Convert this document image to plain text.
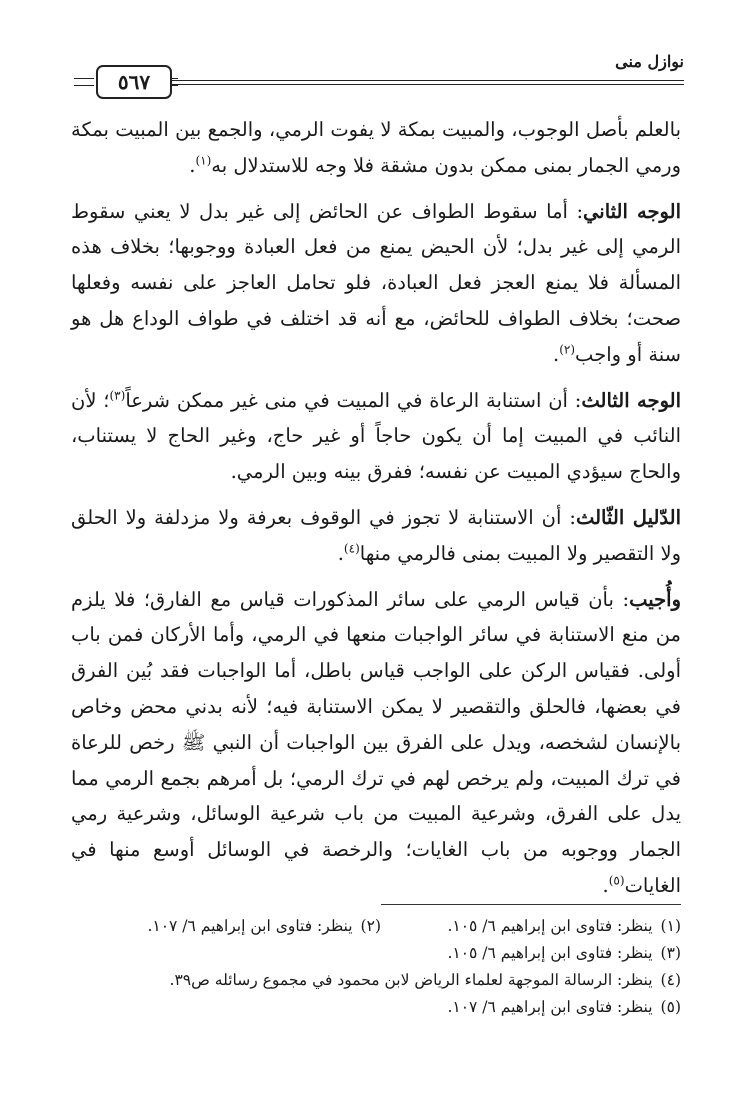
نوازل منى
٥٦٧

بالعلم بأصل الوجوب، والمبيت بمكة لا يفوت الرمي، والجمع بين المبيت بمكة ورمي الجمار بمنى ممكن بدون مشقة فلا وجه للاستدلال به$^{(١)}$.

الوجه الثاني: أما سقوط الطواف عن الحائض إلى غير بدل لا يعني سقوط الرمي إلى غير بدل؛ لأن الحيض يمنع من فعل العبادة ووجوبها؛ بخلاف هذه المسألة فلا يمنع العجز فعل العبادة، فلو تحامل العاجز على نفسه وفعلها صحت؛ بخلاف الطواف للحائض، مع أنه قد اختلف في طواف الوداع هل هو سنة أو واجب$^{(٢)}$.

الوجه الثالث: أن استنابة الرعاة في المبيت في منى غير ممكن شرعاً$^{(٣)}$؛ لأن النائب في المبيت إما أن يكون حاجاً أو غير حاج، وغير الحاج لا يستناب، والحاج سيؤدي المبيت عن نفسه؛ ففرق بينه وبين الرمي.

الدّليل الثّالث: أن الاستنابة لا تجوز في الوقوف بعرفة ولا مزدلفة ولا الحلق ولا التقصير ولا المبيت بمنى فالرمي منها$^{(٤)}$.

وأُجيب: بأن قياس الرمي على سائر المذكورات قياس مع الفارق؛ فلا يلزم من منع الاستنابة في سائر الواجبات منعها في الرمي، وأما الأركان فمن باب أولى. فقياس الركن على الواجب قياس باطل، أما الواجبات فقد بُين الفرق في بعضها، فالحلق والتقصير لا يمكن الاستنابة فيه؛ لأنه بدني محض وخاص بالإنسان لشخصه، ويدل على الفرق بين الواجبات أن النبي ﷺ رخص للرعاة في ترك المبيت، ولم يرخص لهم في ترك الرمي؛ بل أمرهم بجمع الرمي مما يدل على الفرق، وشرعية المبيت من باب شرعية الوسائل، وشرعية رمي الجمار ووجوبه من باب الغايات؛ والرخصة في الوسائل أوسع منها في الغايات$^{(٥)}$.

(١)ينظر: فتاوى ابن إبراهيم ٦/ ١٠٥.
(٢)ينظر: فتاوى ابن إبراهيم ٦/ ١٠٧.
(٣)ينظر: فتاوى ابن إبراهيم ٦/ ١٠٥.
(٤)ينظر: الرسالة الموجهة لعلماء الرياض لابن محمود في مجموع رسائله ص٣٩.
(٥)ينظر: فتاوى ابن إبراهيم ٦/ ١٠٧.
